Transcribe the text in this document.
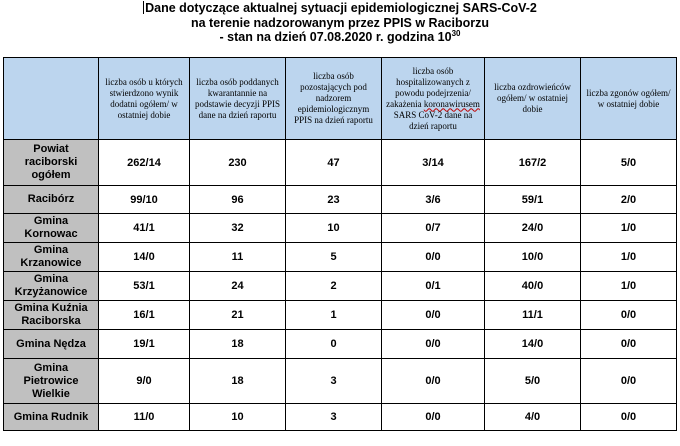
Dane dotyczące aktualnej sytuacji epidemiologicznej SARS-CoV-2
na terenie nadzorowanym przez PPIS w Raciborzu
- stan na dzień 07.08.2020 r. godzina $10^{30}$
	liczba osób u których stwierdzono wynik dodatni ogółem/ w ostatniej dobie	liczba osób poddanych kwarantannie na podstawie decyzji PPIS dane na dzień raportu	liczba osób pozostających pod nadzorem epidemiologicznym PPIS na dzień raportu	liczba osób hospitalizowanych z powodu podejrzenia/ zakażenia koronawirusem SARS CoV-2 dane na dzień raportu	liczba ozdrowieńców ogółem/ w ostatniej dobie	liczba zgonów ogółem/ w ostatniej dobie
Powiat raciborski ogółem	262/14	230	47	3/14	167/2	5/0
Racibórz	99/10	96	23	3/6	59/1	2/0
Gmina Kornowac	41/1	32	10	0/7	24/0	1/0
Gmina Krzanowice	14/0	11	5	0/0	10/0	1/0
Gmina Krzyżanowice	53/1	24	2	0/1	40/0	1/0
Gmina Kuźnia Raciborska	16/1	21	1	0/0	11/1	0/0
Gmina Nędza	19/1	18	0	0/0	14/0	0/0
Gmina Pietrowice Wielkie	9/0	18	3	0/0	5/0	0/0
Gmina Rudnik	11/0	10	3	0/0	4/0	0/0
